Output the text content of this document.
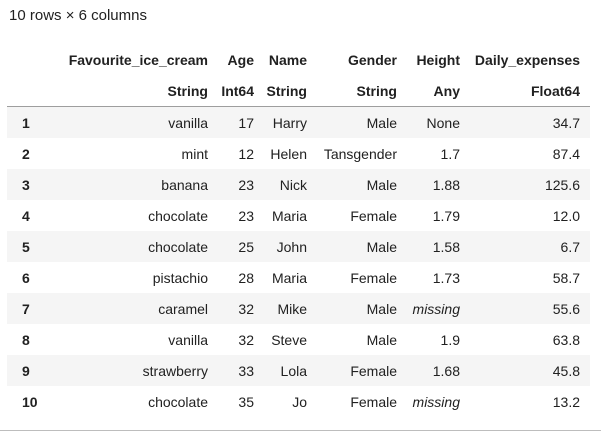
10 rows × 6 columns
	Favourite_ice_cream	Age	Name	Gender	Height	Daily_expenses
	String	Int64	String	String	Any	Float64
1	vanilla	17	Harry	Male	None	34.7
2	mint	12	Helen	Tansgender	1.7	87.4
3	banana	23	Nick	Male	1.88	125.6
4	chocolate	23	Maria	Female	1.79	12.0
5	chocolate	25	John	Male	1.58	6.7
6	pistachio	28	Maria	Female	1.73	58.7
7	caramel	32	Mike	Male	missing	55.6
8	vanilla	32	Steve	Male	1.9	63.8
9	strawberry	33	Lola	Female	1.68	45.8
10	chocolate	35	Jo	Female	missing	13.2
